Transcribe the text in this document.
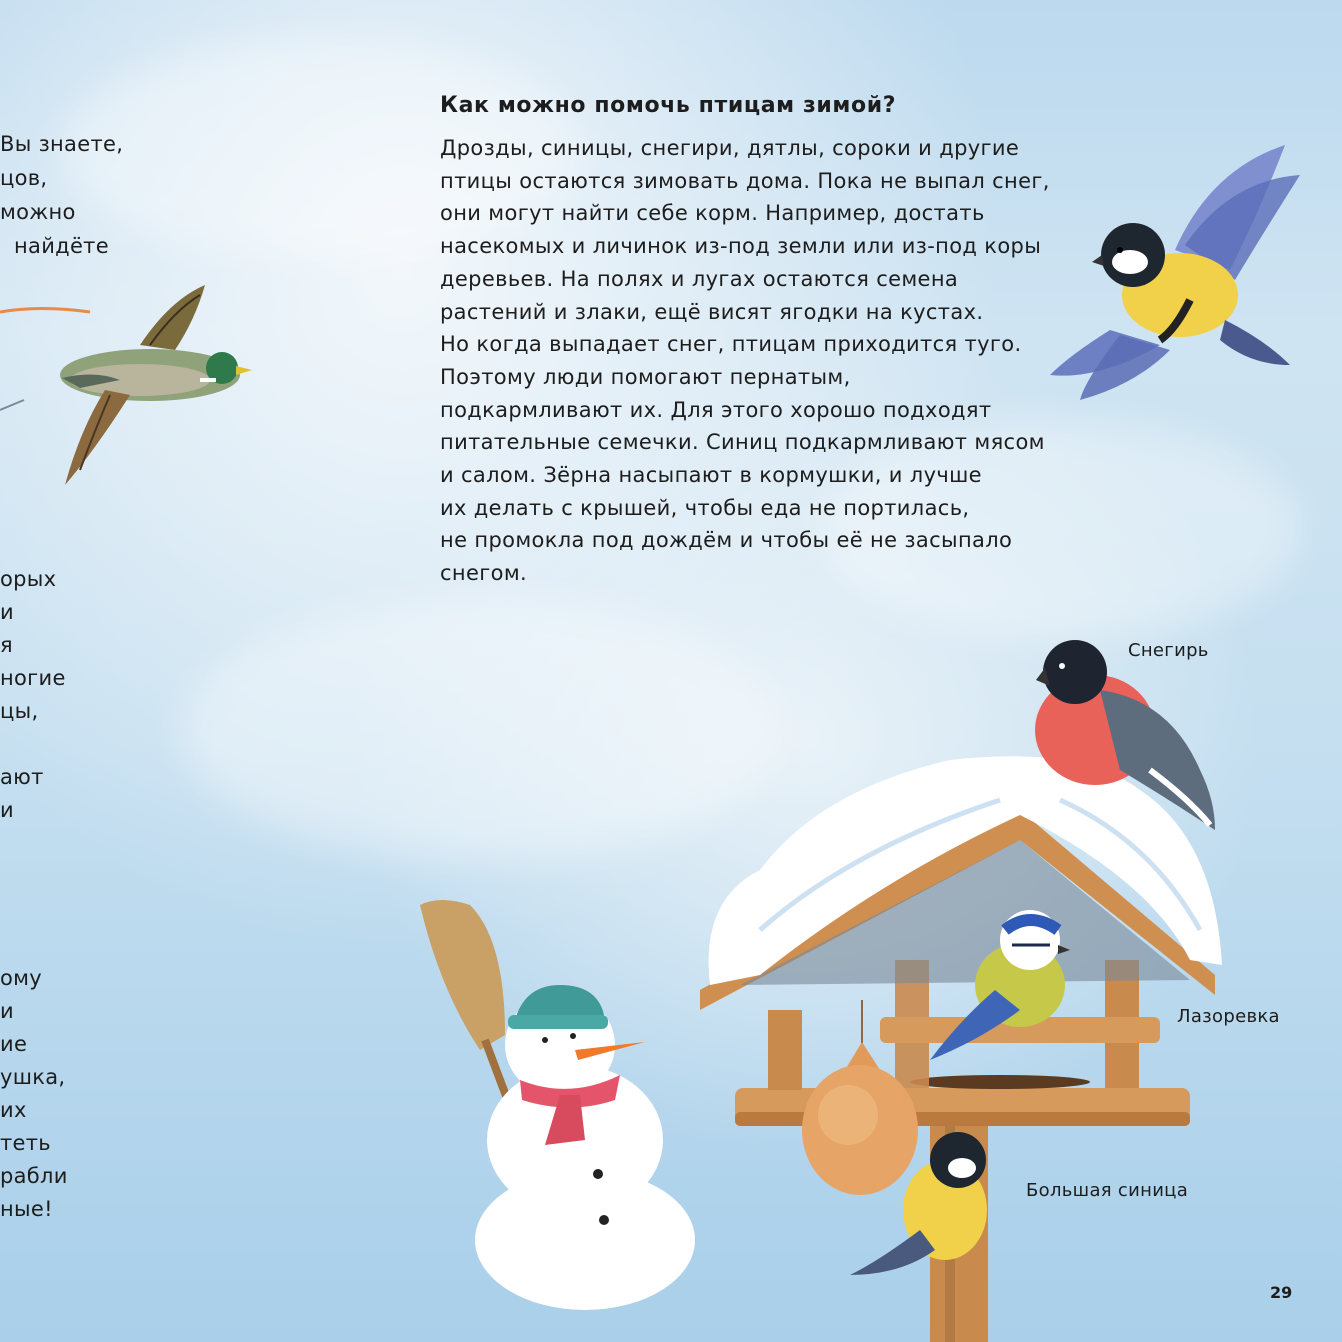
Вы знаете,
цов,
можно
найдёте
орых
и
я
ногие
цы,
ают
и
ому
и
ие
ушка,
их
теть
рабли
ные!
Как можно помочь птицам зимой?
Дрозды, синицы, снегири, дятлы, сороки и другие
птицы остаются зимовать дома. Пока не выпал снег,
они могут найти себе корм. Например, достать
насекомых и личинок из-под земли или из-под коры
деревьев. На полях и лугах остаются семена
растений и злаки, ещё висят ягодки на кустах.
Но когда выпадает снег, птицам приходится туго.
Поэтому люди помогают пернатым,
подкармливают их. Для этого хорошо подходят
питательные семечки. Синиц подкармливают мясом
и салом. Зёрна насыпают в кормушки, и лучше
их делать с крышей, чтобы еда не портилась,
не промокла под дождём и чтобы её не засыпало
снегом.
Снегирь
Лазоревка
Большая синица
29
